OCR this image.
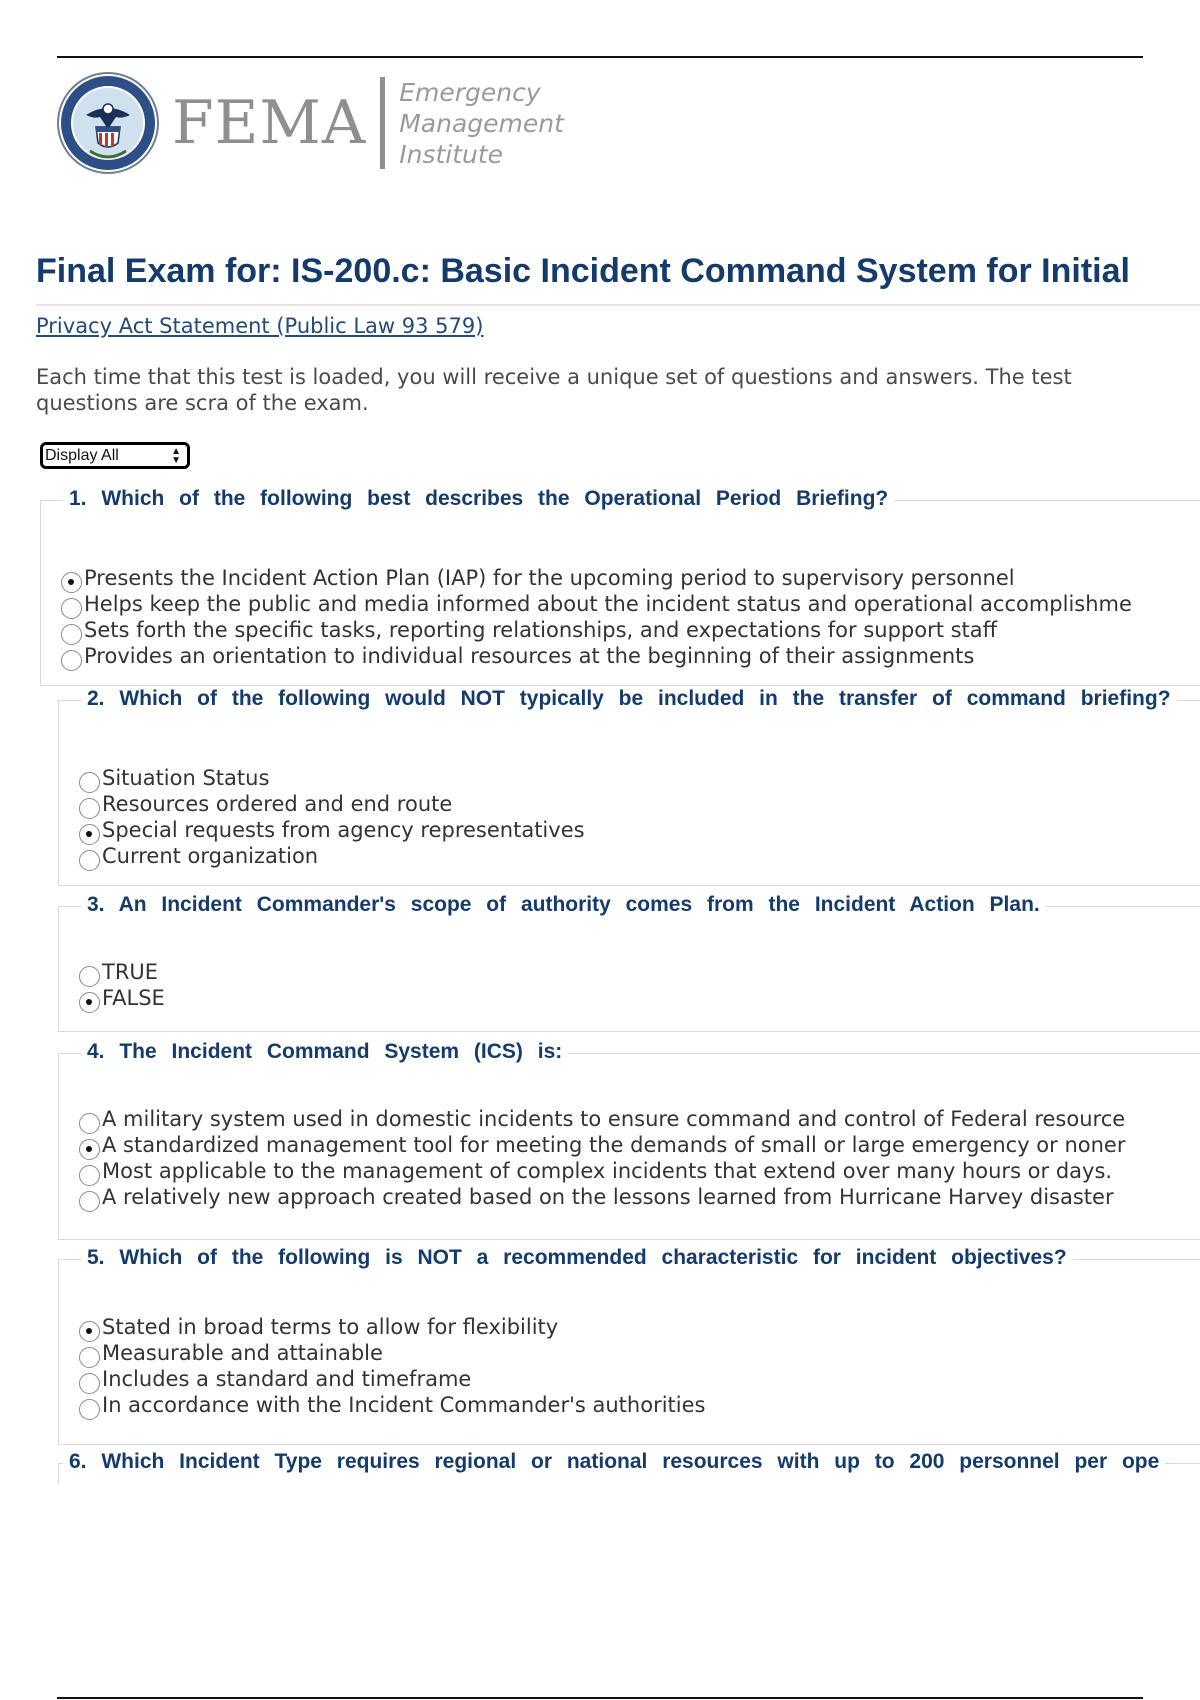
FEMA Emergency
Management
Institute
Final Exam for: IS-200.c: Basic Incident Command System for Initial
Privacy Act Statement (Public Law 93 579)
Each time that this test is loaded, you will receive a unique set of questions and answers. The test questions are scra of the exam.
Display All	▲
▼
1. Which of the following best describes the Operational Period Briefing?
Presents the Incident Action Plan (IAP) for the upcoming period to supervisory personnel
Helps keep the public and media informed about the incident status and operational accomplishme
Sets forth the specific tasks, reporting relationships, and expectations for support staff
Provides an orientation to individual resources at the beginning of their assignments
2. Which of the following would NOT typically be included in the transfer of command briefing?
Situation Status
Resources ordered and end route
Special requests from agency representatives
Current organization
3. An Incident Commander's scope of authority comes from the Incident Action Plan.
TRUE
FALSE
4. The Incident Command System (ICS) is:
A military system used in domestic incidents to ensure command and control of Federal resource
A standardized management tool for meeting the demands of small or large emergency or noner
Most applicable to the management of complex incidents that extend over many hours or days.
A relatively new approach created based on the lessons learned from Hurricane Harvey disaster
5. Which of the following is NOT a recommended characteristic for incident objectives?
Stated in broad terms to allow for flexibility
Measurable and attainable
Includes a standard and timeframe
In accordance with the Incident Commander's authorities
6. Which Incident Type requires regional or national resources with up to 200 personnel per ope
